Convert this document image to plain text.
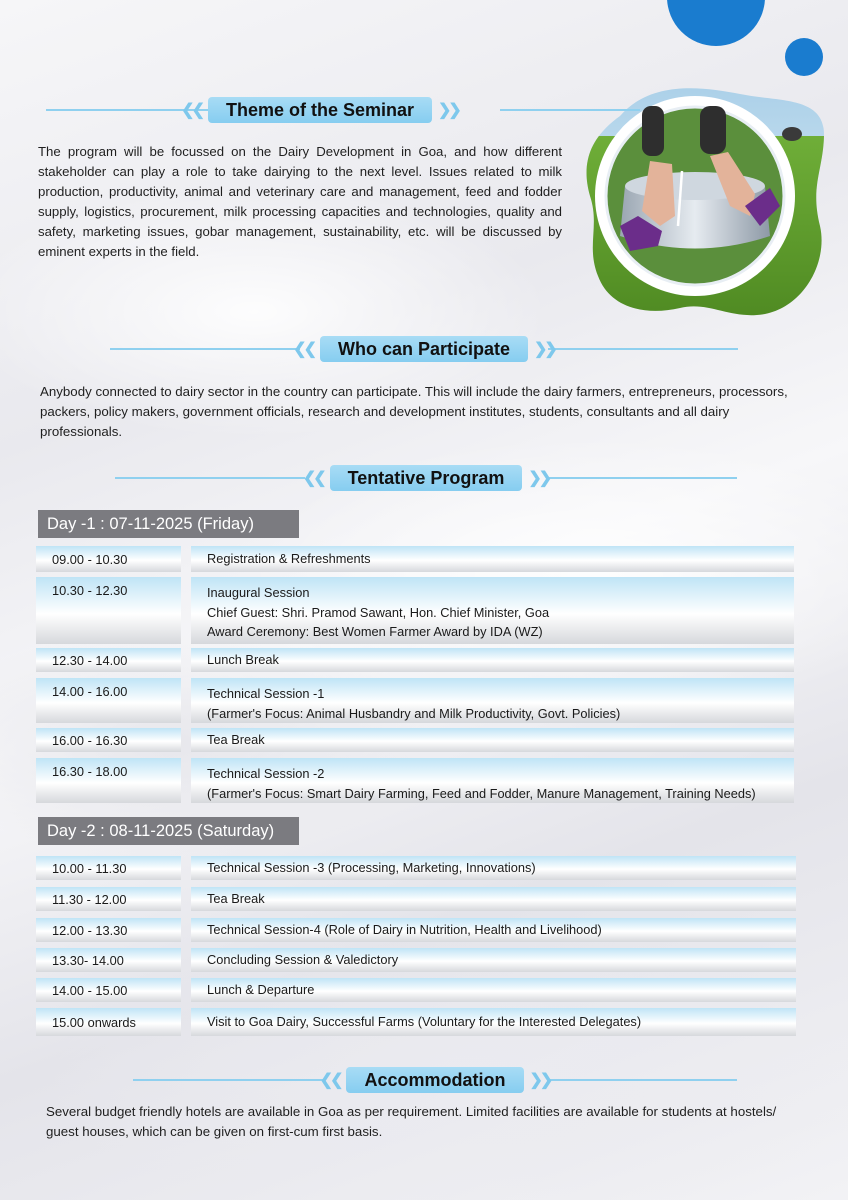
❮❮	Theme of the Seminar	❯❯
The program will be focussed on the Dairy Development in Goa, and how different stakeholder can play a role to take dairying to the next level. Issues related to milk production, productivity, animal and veterinary care and management, feed and fodder supply, logistics, procurement, milk processing capacities and technologies, quality and safety, marketing issues, gobar management, sustainability, etc. will be discussed by eminent experts in the field.
❮❮	Who can Participate	❯❯
Anybody connected to dairy sector in the country can participate. This will include the dairy farmers, entrepreneurs, processors, packers, policy makers, government officials, research and development institutes, students, consultants and all dairy professionals.
❮❮	Tentative Program	❯❯
Day -1 : 07-11-2025 (Friday)
09.00 - 10.30	Registration & Refreshments
10.30 - 12.30	Inaugural Session
Chief Guest: Shri. Pramod Sawant, Hon. Chief Minister, Goa
Award Ceremony: Best Women Farmer Award by IDA (WZ)
12.30 - 14.00	Lunch Break
14.00 - 16.00	Technical Session -1
(Farmer's Focus: Animal Husbandry and Milk Productivity, Govt. Policies)
16.00 - 16.30	Tea Break
16.30 - 18.00	Technical Session -2
(Farmer's Focus: Smart Dairy Farming, Feed and Fodder, Manure Management, Training Needs)
Day -2 : 08-11-2025 (Saturday)
10.00 - 11.30	Technical Session -3 (Processing, Marketing, Innovations)
11.30 - 12.00	Tea Break
12.00 - 13.30	Technical Session-4 (Role of Dairy in Nutrition, Health and Livelihood)
13.30- 14.00	Concluding Session & Valedictory
14.00 - 15.00	Lunch & Departure
15.00 onwards	Visit to Goa Dairy, Successful Farms (Voluntary for the Interested Delegates)
❮❮	Accommodation	❯❯
Several budget friendly hotels are available in Goa as per requirement. Limited facilities are available for students at hostels/ guest houses, which can be given on first-cum first basis.
